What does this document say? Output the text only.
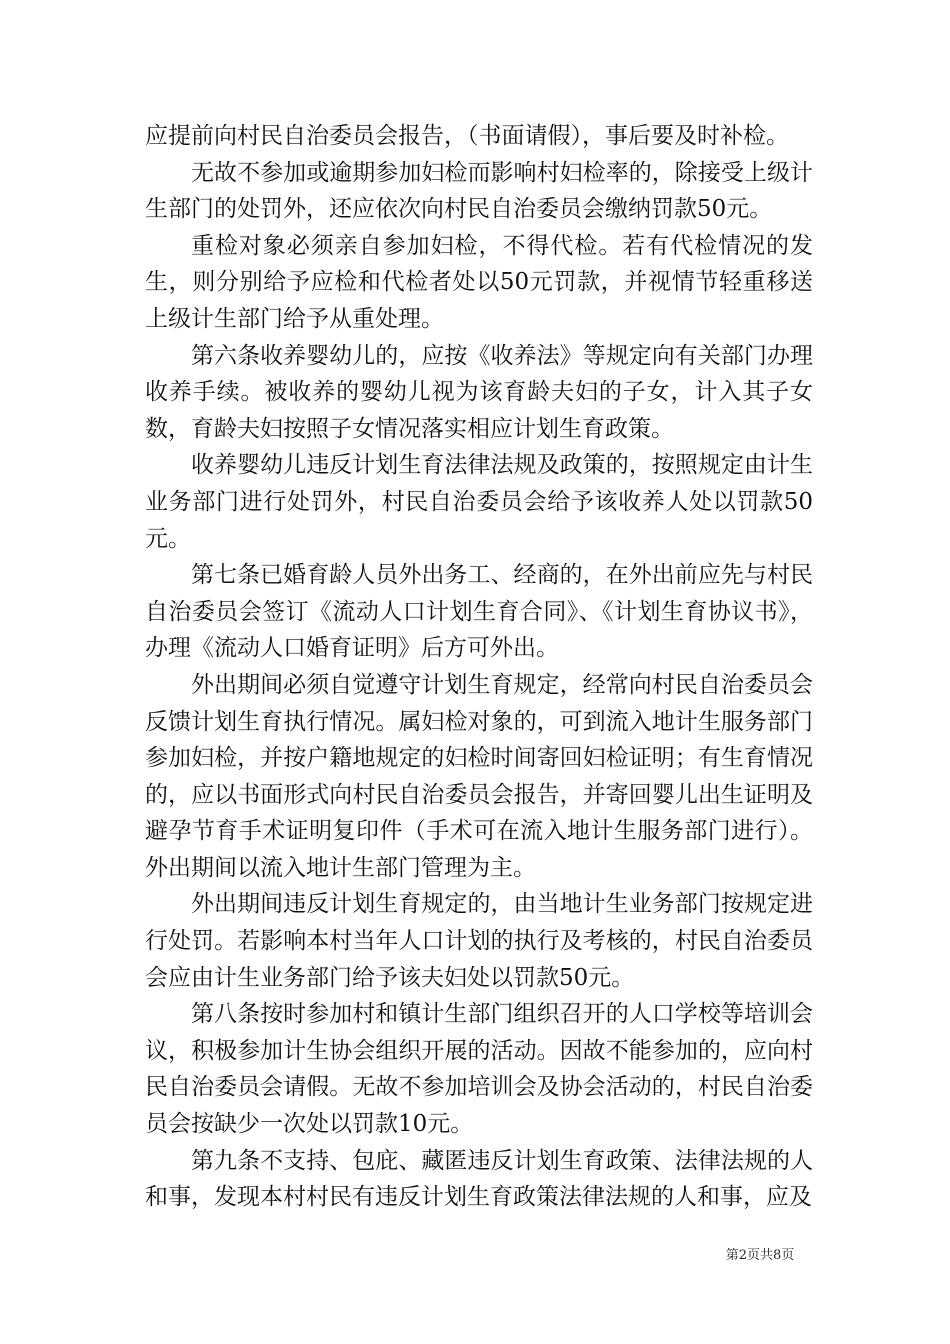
应提前向村民自治委员会报告，（书面请假），事后要及时补检。

无故不参加或逾期参加妇检而影响村妇检率的，除接受上级计生部门的处罚外，还应依次向村民自治委员会缴纳罚款50元。

重检对象必须亲自参加妇检，不得代检。若有代检情况的发生，则分别给予应检和代检者处以50元罚款，并视情节轻重移送上级计生部门给予从重处理。

第六条收养婴幼儿的，应按《收养法》等规定向有关部门办理收养手续。被收养的婴幼儿视为该育龄夫妇的子女，计入其子女数，育龄夫妇按照子女情况落实相应计划生育政策。

收养婴幼儿违反计划生育法律法规及政策的，按照规定由计生业务部门进行处罚外，村民自治委员会给予该收养人处以罚款50元。

第七条已婚育龄人员外出务工、经商的，在外出前应先与村民自治委员会签订《流动人口计划生育合同》、《计划生育协议书》，办理《流动人口婚育证明》后方可外出。

外出期间必须自觉遵守计划生育规定，经常向村民自治委员会反馈计划生育执行情况。属妇检对象的，可到流入地计生服务部门参加妇检，并按户籍地规定的妇检时间寄回妇检证明；有生育情况的，应以书面形式向村民自治委员会报告，并寄回婴儿出生证明及避孕节育手术证明复印件（手术可在流入地计生服务部门进行）。外出期间以流入地计生部门管理为主。

外出期间违反计划生育规定的，由当地计生业务部门按规定进行处罚。若影响本村当年人口计划的执行及考核的，村民自治委员会应由计生业务部门给予该夫妇处以罚款50元。

第八条按时参加村和镇计生部门组织召开的人口学校等培训会议，积极参加计生协会组织开展的活动。因故不能参加的，应向村民自治委员会请假。无故不参加培训会及协会活动的，村民自治委员会按缺少一次处以罚款10元。

第九条不支持、包庇、藏匿违反计划生育政策、法律法规的人和事，发现本村村民有违反计划生育政策法律法规的人和事，应及

第2页共8页
